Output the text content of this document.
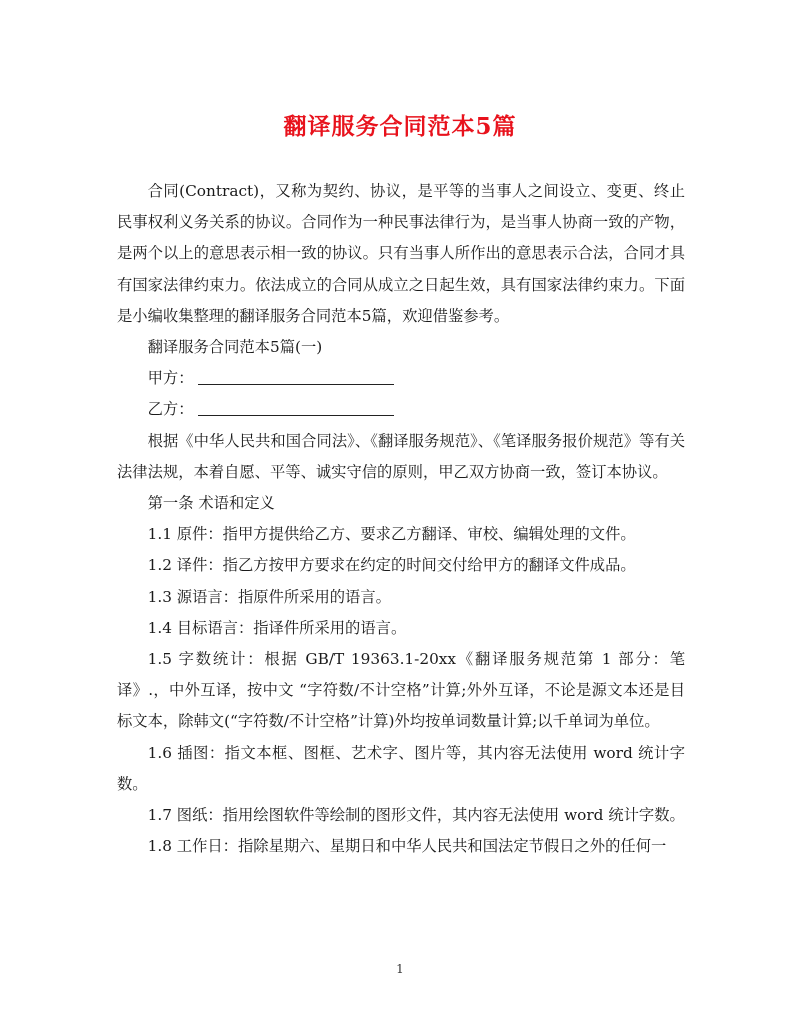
翻译服务合同范本5篇

合同(Contract)，又称为契约、协议，是平等的当事人之间设立、变更、终止民事权利义务关系的协议。合同作为一种民事法律行为，是当事人协商一致的产物，是两个以上的意思表示相一致的协议。只有当事人所作出的意思表示合法，合同才具有国家法律约束力。依法成立的合同从成立之日起生效，具有国家法律约束力。下面是小编收集整理的翻译服务合同范本5篇，欢迎借鉴参考。

翻译服务合同范本5篇(一)

甲方：

乙方：

根据《中华人民共和国合同法》、《翻译服务规范》、《笔译服务报价规范》等有关法律法规，本着自愿、平等、诚实守信的原则，甲乙双方协商一致，签订本协议。

第一条 术语和定义

1.1 原件：指甲方提供给乙方、要求乙方翻译、审校、编辑处理的文件。

1.2 译件：指乙方按甲方要求在约定的时间交付给甲方的翻译文件成品。

1.3 源语言：指原件所采用的语言。

1.4 目标语言：指译件所采用的语言。

1.5 字数统计：根据 GB/T 19363.1-20xx《翻译服务规范第 1 部分：笔译》.，中外互译，按中文 “字符数/不计空格”计算;外外互译，不论是源文本还是目标文本，除韩文(“字符数/不计空格”计算)外均按单词数量计算;以千单词为单位。

1.6 插图：指文本框、图框、艺术字、图片等，其内容无法使用 word 统计字数。

1.7 图纸：指用绘图软件等绘制的图形文件，其内容无法使用 word 统计字数。

1.8 工作日：指除星期六、星期日和中华人民共和国法定节假日之外的任何一

1
